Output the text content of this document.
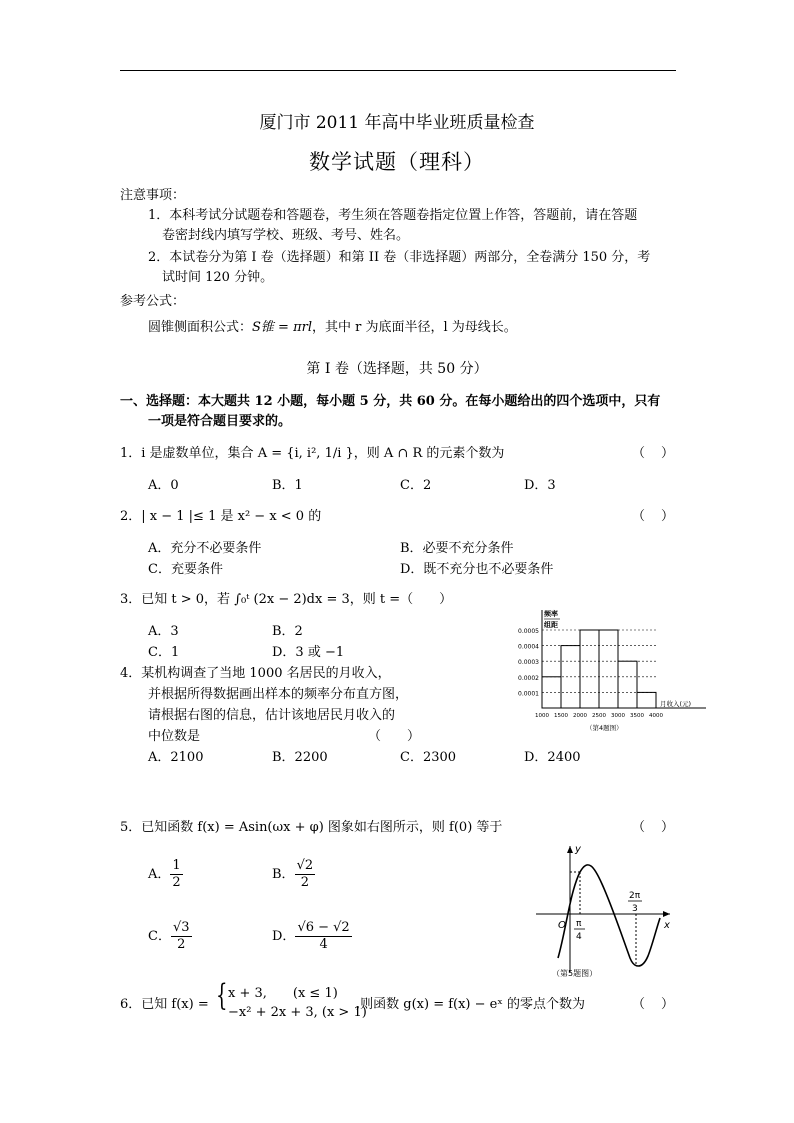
厦门市 2011 年高中毕业班质量检查
数学试题（理科）
注意事项：
1．本科考试分试题卷和答题卷，考生须在答题卷指定位置上作答，答题前，请在答题
卷密封线内填写学校、班级、考号、姓名。
2．本试卷分为第 I 卷（选择题）和第 II 卷（非选择题）两部分，全卷满分 150 分，考
试时间 120 分钟。
参考公式：
圆锥侧面积公式：S锥 = πrl，其中 r 为底面半径，l 为母线长。
第 I 卷（选择题，共 50 分）
一、选择题：本大题共 12 小题，每小题 5 分，共 60 分。在每小题给出的四个选项中，只有
一项是符合题目要求的。
1．i 是虚数单位，集合 A = {i, i², 1/i }，则 A ∩ R 的元素个数为	（ ）
A．0	B．1	C．2	D．3
2．| x − 1 |≤ 1 是 x² − x < 0 的	（ ）
A．充分不必要条件	B．必要不充分条件
C．充要条件	D．既不充分也不必要条件
3．已知 t > 0，若 ∫₀ᵗ (2x − 2)dx = 3，则 t =（　　）
A．3	B．2
C．1	D．3 或 −1
4．某机构调查了当地 1000 名居民的月收入，
并根据所得数据画出样本的频率分布直方图，
请根据右图的信息，估计该地居民月收入的
中位数是	（　　）
A．2100	B．2200	C．2300	D．2400
0.0005
0.0004
0.0003
0.0002
0.0001
1000 1500 2000 2500 3000 3500 4000
频率
组距
月收入(元)
（第4题图）
5．已知函数 f(x) = Asin(ωx + φ) 图象如右图所示，则 f(0) 等于	（ ）
A． $\frac{1}{2}$	B． $\frac{√2}{2}$
C． $\frac{√3}{2}$	D． $\frac{√6 - √2}{4}$
y
x
O π
4
2π
3
（第5题图）
6．已知 f(x) = { x + 3,　　(x ≤ 1)
−x² + 2x + 3, (x > 1)
,则函数 g(x) = f(x) − eˣ 的零点个数为	（ ）
